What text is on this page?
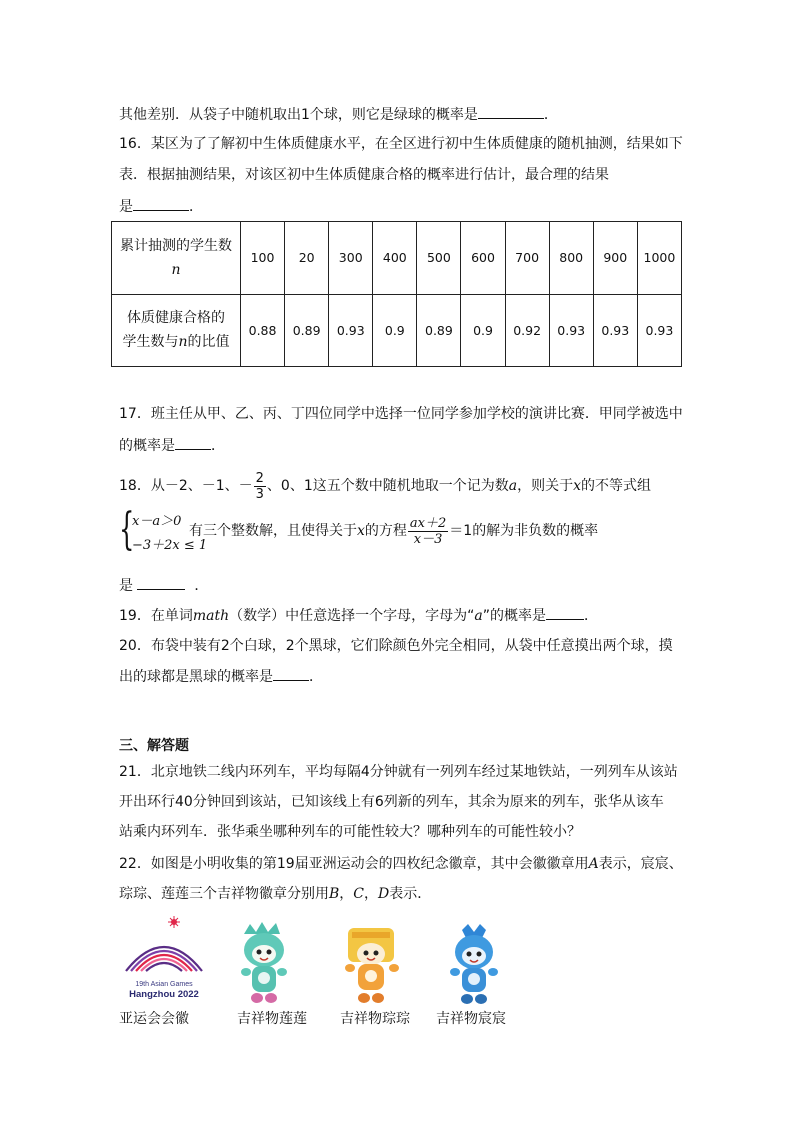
其他差别．从袋子中随机取出1个球，则它是绿球的概率是	．
16．某区为了了解初中生体质健康水平，在全区进行初中生体质健康的随机抽测，结果如下
表．根据抽测结果，对该区初中生体质健康合格的概率进行估计，最合理的结果
是	．
累计抽测的学生数
n	100	20	300	400	500	600	700	800	900	1000
体质健康合格的
学生数与n的比值	0.88	0.89	0.93	0.9	0.89	0.9	0.92	0.93	0.93	0.93
17．班主任从甲、乙、丙、丁四位同学中选择一位同学参加学校的演讲比赛．甲同学被选中
的概率是	．
18．从－2、－1、－ $\frac{2}{3}$ 、0、1这五个数中随机地取一个记为数a，则关于x的不等式组
{
x－a＞0
−3＋2x ≤ 1
有三个整数解，且使得关于x的方程 $\frac{ax+2}{x-3} =1$的解为非负数的概率
是	．
19．在单词math（数学）中任意选择一个字母，字母为“a”的概率是	．
20．布袋中装有2个白球，2个黑球，它们除颜色外完全相同，从袋中任意摸出两个球，摸
出的球都是黑球的概率是	．
三、解答题
21．北京地铁二线内环列车，平均每隔4分钟就有一列列车经过某地铁站，一列列车从该站
开出环行40分钟回到该站，已知该线上有6列新的列车，其余为原来的列车，张华从该车
站乘内环列车．张华乘坐哪种列车的可能性较大？哪种列车的可能性较小？
22．如图是小明收集的第19届亚洲运动会的四枚纪念徽章，其中会徽徽章用A表示，宸宸、
琮琮、莲莲三个吉祥物徽章分别用B，C，D表示．
19th Asian Games
Hangzhou 2022
亚运会会徽	吉祥物莲莲 吉祥物琮琮 吉祥物宸宸
